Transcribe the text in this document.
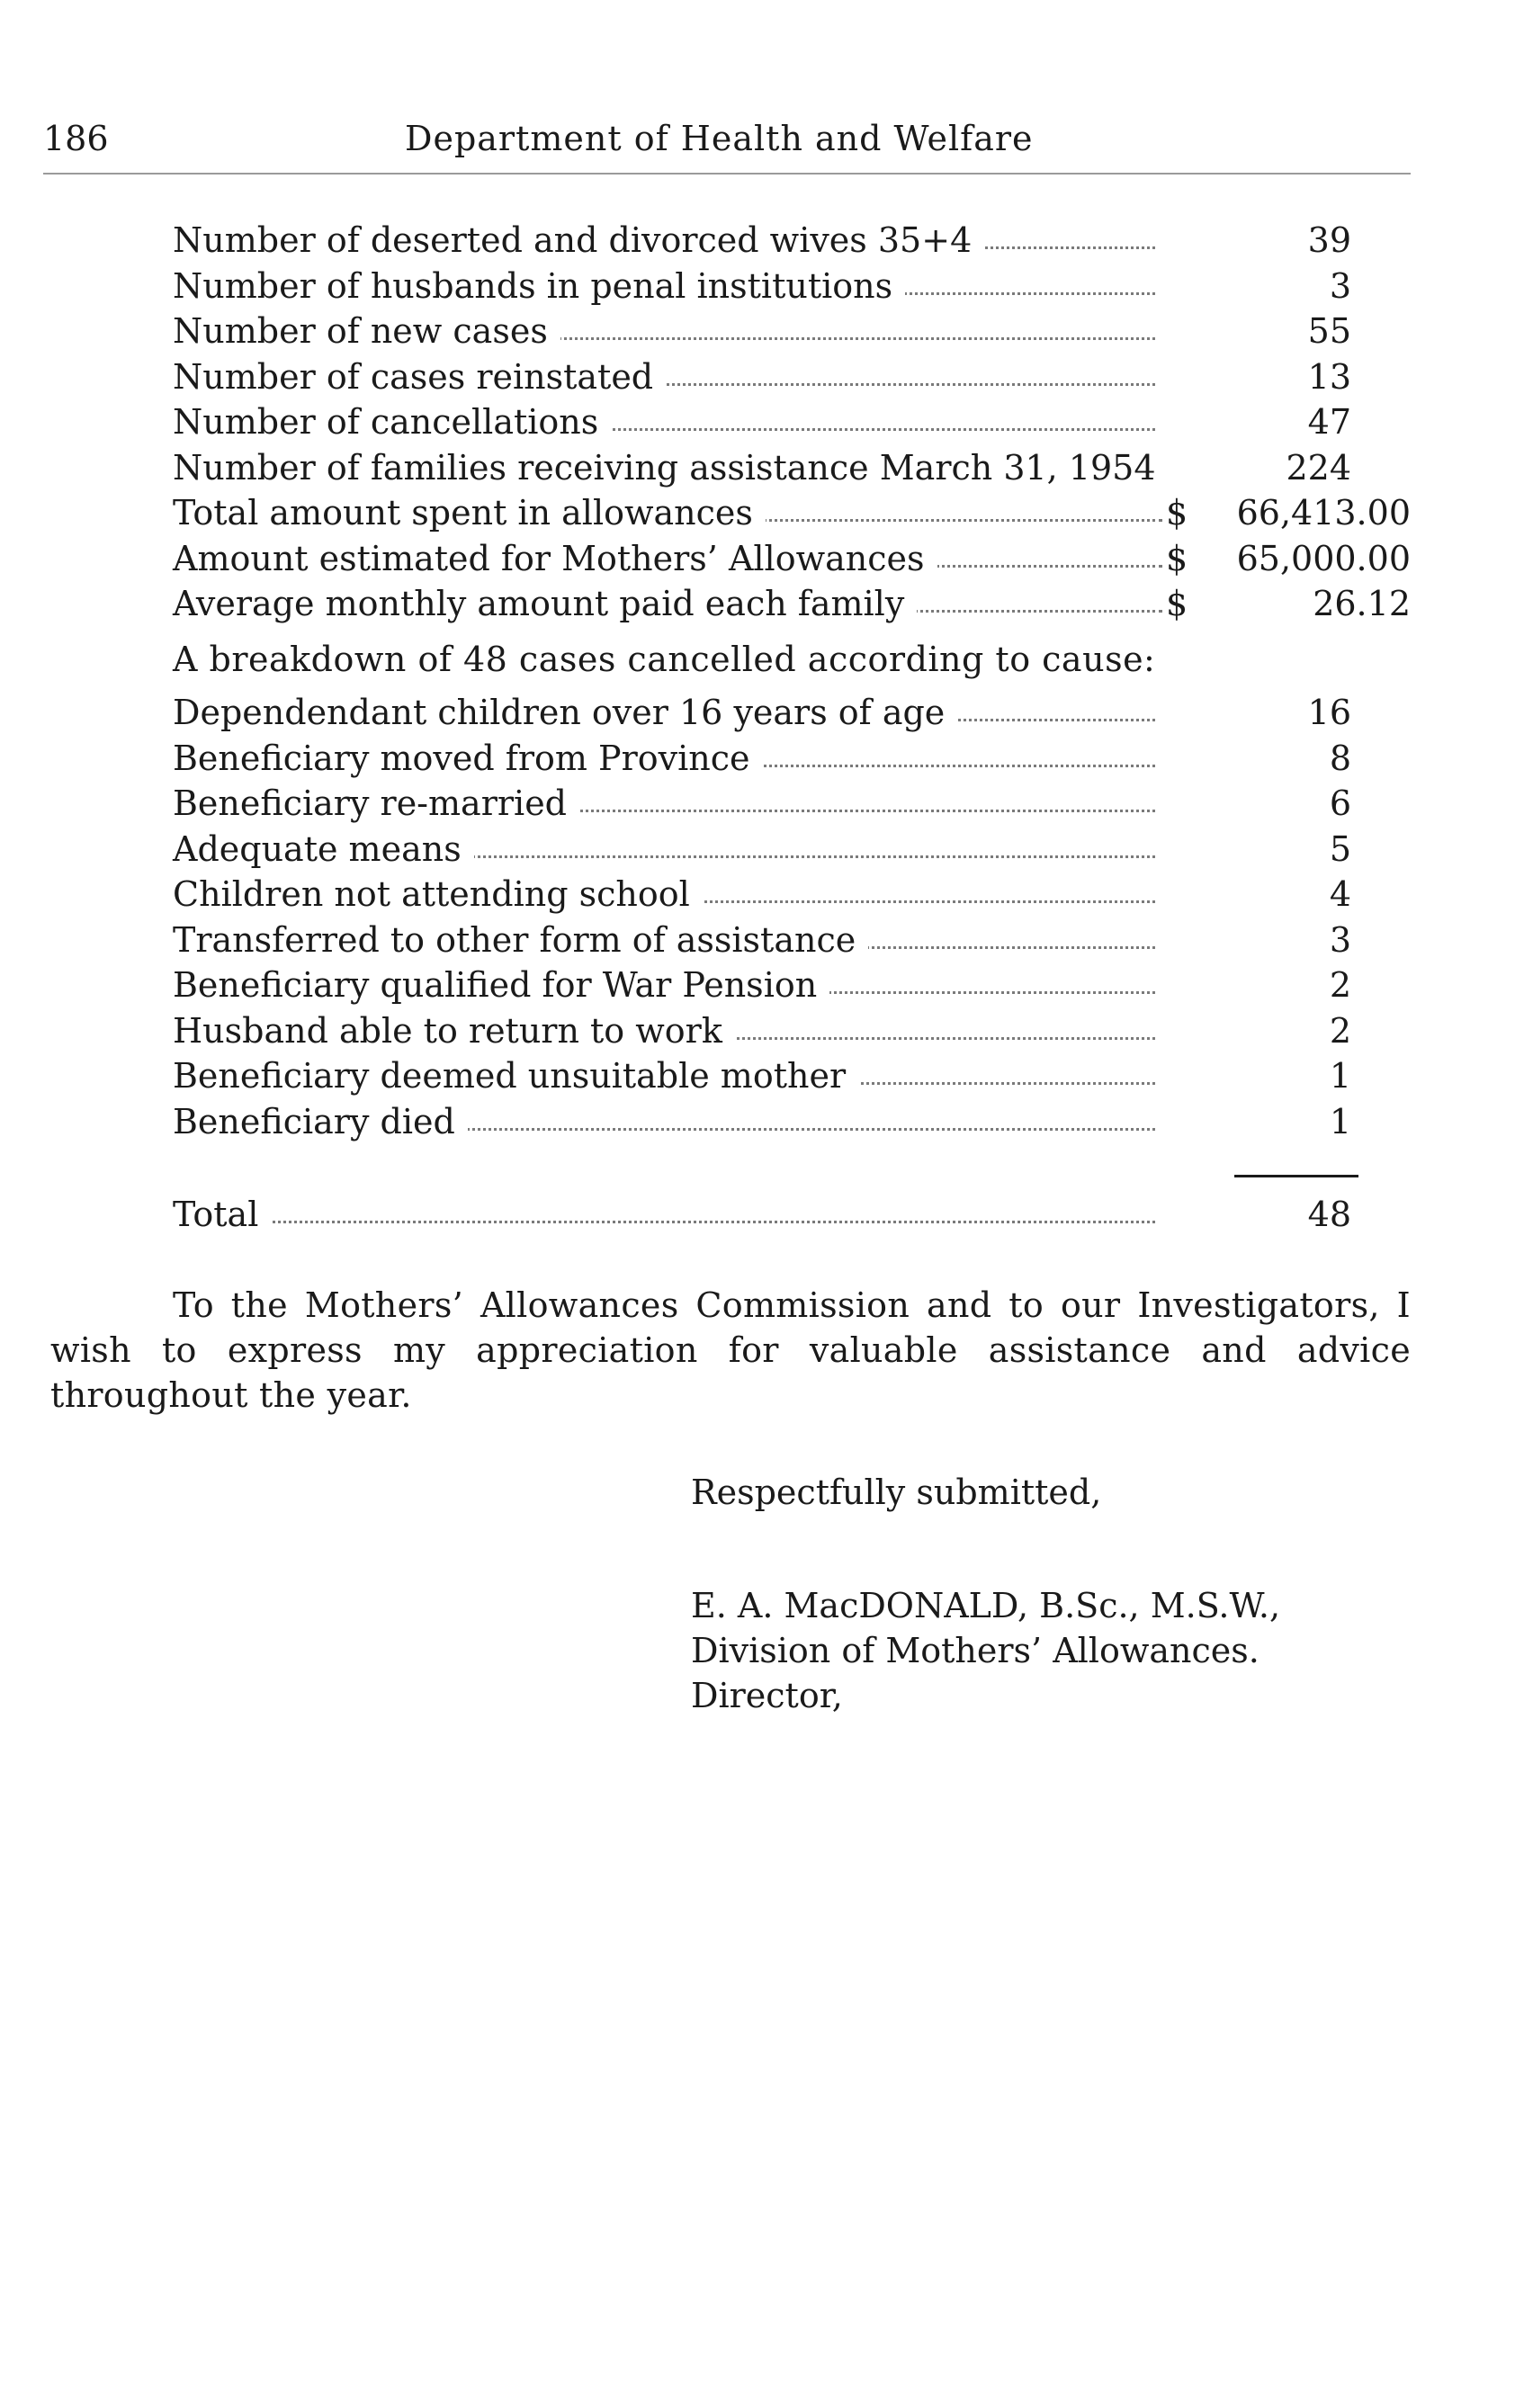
186	Department of Health and Welfare
Number of deserted and divorced wives 35+4	39
Number of husbands in penal institutions	3
Number of new cases	55
Number of cases reinstated	13
Number of cancellations	47
Number of families receiving assistance March 31, 1954	224
Total amount spent in allowances	$ 66,413.00
Amount estimated for Mothers’ Allowances	$ 65,000.00
Average monthly amount paid each family	$	26.12
A breakdown of 48 cases cancelled according to cause:
Dependendant children over 16 years of age	16
Beneficiary moved from Province	8
Beneficiary re-married	6
Adequate means	5
Children not attending school	4
Transferred to other form of assistance	3
Beneficiary qualified for War Pension	2
Husband able to return to work	2
Beneficiary deemed unsuitable mother	1
Beneficiary died	1
Total	48
To the Mothers’ Allowances Commission and to our Investigators, I wish to express my appreciation for valuable assistance and advice throughout the year.
Respectfully submitted,
E. A. MacDONALD, B.Sc., M.S.W.,
Division of Mothers’ Allowances.
Director,
